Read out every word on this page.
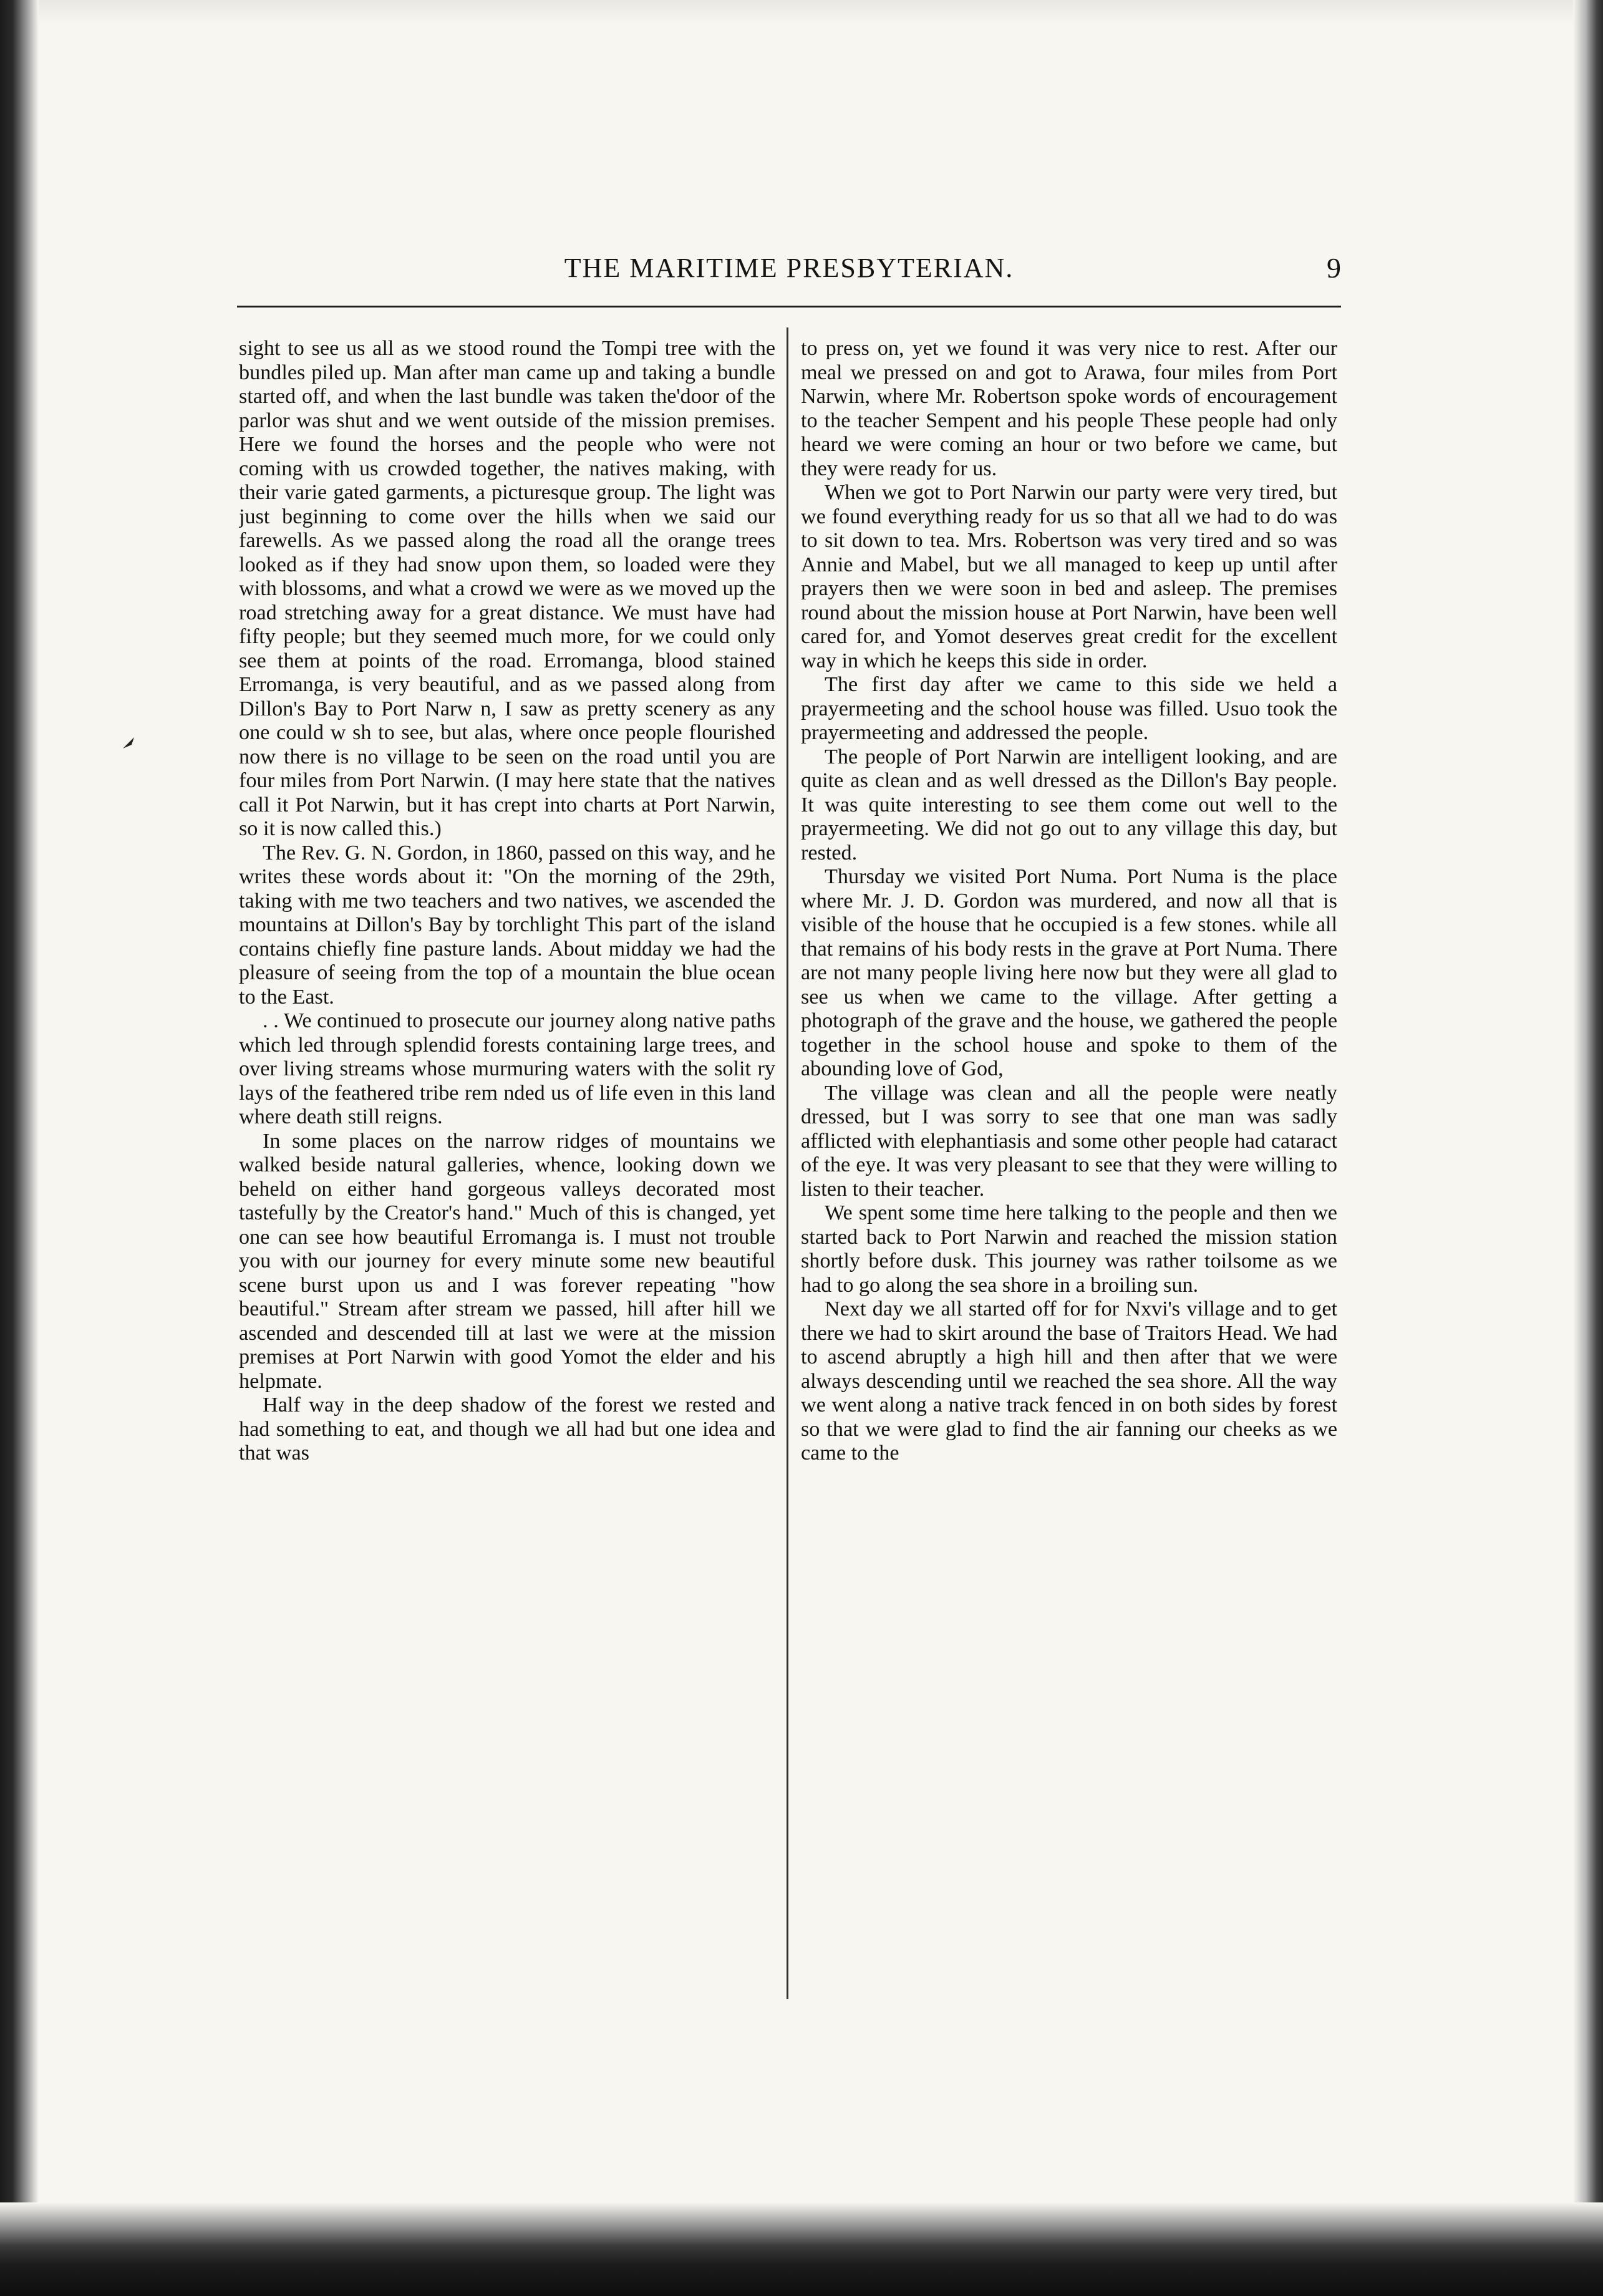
THE MARITIME PRESBYTERIAN.	9

sight to see us all as we stood round the Tompi tree with the bundles piled up. Man after man came up and taking a bundle started off, and when the last bundle was taken the'door of the parlor was shut and we went outside of the mission premises. Here we found the horses and the people who were not coming with us crowded together, the natives making, with their varie gated garments, a picturesque group. The light was just beginning to come over the hills when we said our farewells. As we passed along the road all the orange trees looked as if they had snow upon them, so loaded were they with blossoms, and what a crowd we were as we moved up the road stretching away for a great distance. We must have had fifty people; but they seemed much more, for we could only see them at points of the road. Erromanga, blood stained Erromanga, is very beautiful, and as we passed along from Dillon's Bay to Port Narw n, I saw as pretty scenery as any one could w sh to see, but alas, where once people flourished now there is no village to be seen on the road until you are four miles from Port Narwin. (I may here state that the natives call it Pot Narwin, but it has crept into charts at Port Narwin, so it is now called this.)

The Rev. G. N. Gordon, in 1860, passed on this way, and he writes these words about it: "On the morning of the 29th, taking with me two teachers and two natives, we ascended the mountains at Dillon's Bay by torchlight This part of the island contains chiefly fine pasture lands. About midday we had the pleasure of seeing from the top of a mountain the blue ocean to the East.

. . We continued to prosecute our journey along native paths which led through splendid forests containing large trees, and over living streams whose murmuring waters with the solit ry lays of the feathered tribe rem nded us of life even in this land where death still reigns.

In some places on the narrow ridges of mountains we walked beside natural galleries, whence, looking down we beheld on either hand gorgeous valleys decorated most tastefully by the Creator's hand." Much of this is changed, yet one can see how beautiful Erromanga is. I must not trouble you with our journey for every minute some new beautiful scene burst upon us and I was forever repeating "how beautiful." Stream after stream we passed, hill after hill we ascended and descended till at last we were at the mission premises at Port Narwin with good Yomot the elder and his helpmate.

Half way in the deep shadow of the forest we rested and had something to eat, and though we all had but one idea and that was

to press on, yet we found it was very nice to rest. After our meal we pressed on and got to Arawa, four miles from Port Narwin, where Mr. Robertson spoke words of encouragement to the teacher Sempent and his people These people had only heard we were coming an hour or two before we came, but they were ready for us.

When we got to Port Narwin our party were very tired, but we found everything ready for us so that all we had to do was to sit down to tea. Mrs. Robertson was very tired and so was Annie and Mabel, but we all managed to keep up until after prayers then we were soon in bed and asleep. The premises round about the mission house at Port Narwin, have been well cared for, and Yomot deserves great credit for the excellent way in which he keeps this side in order.

The first day after we came to this side we held a prayermeeting and the school house was filled. Usuo took the prayermeeting and addressed the people.

The people of Port Narwin are intelligent looking, and are quite as clean and as well dressed as the Dillon's Bay people. It was quite interesting to see them come out well to the prayermeeting. We did not go out to any village this day, but rested.

Thursday we visited Port Numa. Port Numa is the place where Mr. J. D. Gordon was murdered, and now all that is visible of the house that he occupied is a few stones. while all that remains of his body rests in the grave at Port Numa. There are not many people living here now but they were all glad to see us when we came to the village. After getting a photograph of the grave and the house, we gathered the people together in the school house and spoke to them of the abounding love of God,

The village was clean and all the people were neatly dressed, but I was sorry to see that one man was sadly afflicted with elephantiasis and some other people had cataract of the eye. It was very pleasant to see that they were willing to listen to their teacher.

We spent some time here talking to the people and then we started back to Port Narwin and reached the mission station shortly before dusk. This journey was rather toilsome as we had to go along the sea shore in a broiling sun.

Next day we all started off for for Nxvi's village and to get there we had to skirt around the base of Traitors Head. We had to ascend abruptly a high hill and then after that we were always descending until we reached the sea shore. All the way we went along a native track fenced in on both sides by forest so that we were glad to find the air fanning our cheeks as we came to the
